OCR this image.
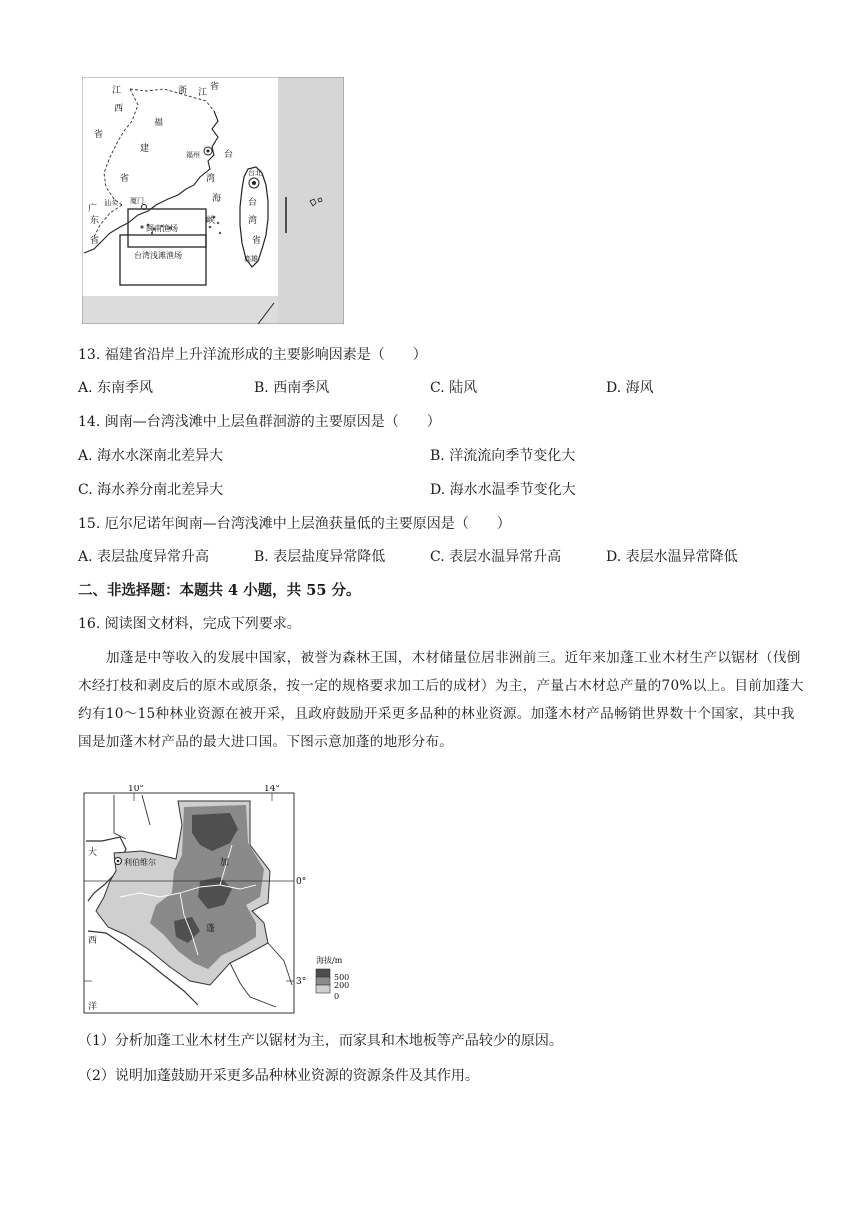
江
西
省
浙 江
省
福
建
省
福州	台
湾
海
峡
台北
台
湾
省
广
东
省
汕头 厦门
高雄
闽南渔场
台湾浅滩渔场

13. 福建省沿岸上升洋流形成的主要影响因素是（　　）

A. 东南季风	B. 西南季风	C. 陆风	D. 海风

14. 闽南—台湾浅滩中上层鱼群洄游的主要原因是（　　）

A. 海水水深南北差异大	B. 洋流流向季节变化大

C. 海水养分南北差异大	D. 海水水温季节变化大

15. 厄尔尼诺年闽南—台湾浅滩中上层渔获量低的主要原因是（　　）

A. 表层盐度异常升高	B. 表层盐度异常降低	C. 表层水温异常升高	D. 表层水温异常降低

二、非选择题：本题共 4 小题，共 55 分。

16. 阅读图文材料，完成下列要求。

加蓬是中等收入的发展中国家，被誉为森林王国，木材储量位居非洲前三。近年来加蓬工业木材生产以锯材（伐倒木经打枝和剥皮后的原木或原条，按一定的规格要求加工后的成材）为主，产量占木材总产量的70%以上。目前加蓬大约有10～15种林业资源在被开采，且政府鼓励开采更多品种的林业资源。加蓬木材产品畅销世界数十个国家，其中我国是加蓬木材产品的最大进口国。下图示意加蓬的地形分布。

10°	14°
0°
3°
大
西
洋
加
蓬
利伯维尔
海拔/m
500
200
0

（1）分析加蓬工业木材生产以锯材为主，而家具和木地板等产品较少的原因。

（2）说明加蓬鼓励开采更多品种林业资源的资源条件及其作用。
